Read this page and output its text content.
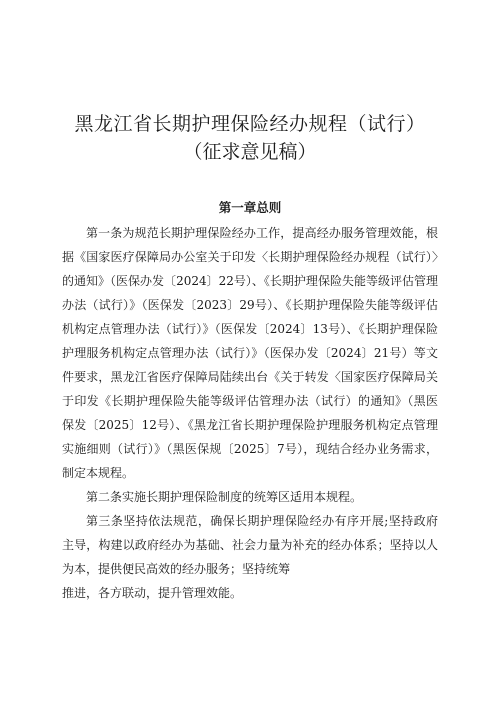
黑龙江省长期护理保险经办规程（试行）
（征求意见稿）
第一章总则

第一条为规范长期护理保险经办工作，提高经办服务管理效能，根据《国家医疗保障局办公室关于印发〈长期护理保险经办规程（试行）〉的通知》（医保办发〔2024〕22号）、《长期护理保险失能等级评估管理办法（试行）》（医保发〔2023〕29号）、《长期护理保险失能等级评估机构定点管理办法（试行）》（医保发〔2024〕13号）、《长期护理保险护理服务机构定点管理办法（试行）》（医保办发〔2024〕21号）等文件要求，黑龙江省医疗保障局陆续出台《关于转发〈国家医疗保障局关于印发《长期护理保险失能等级评估管理办法（试行）的通知》（黑医保发〔2025〕12号）、《黑龙江省长期护理保险护理服务机构定点管理实施细则（试行）》（黑医保规〔2025〕7号），现结合经办业务需求，制定本规程。

第二条实施长期护理保险制度的统筹区适用本规程。

第三条坚持依法规范，确保长期护理保险经办有序开展;坚持政府主导，构建以政府经办为基础、社会力量为补充的经办体系；坚持以人为本，提供便民高效的经办服务；坚持统筹

推进，各方联动，提升管理效能。
